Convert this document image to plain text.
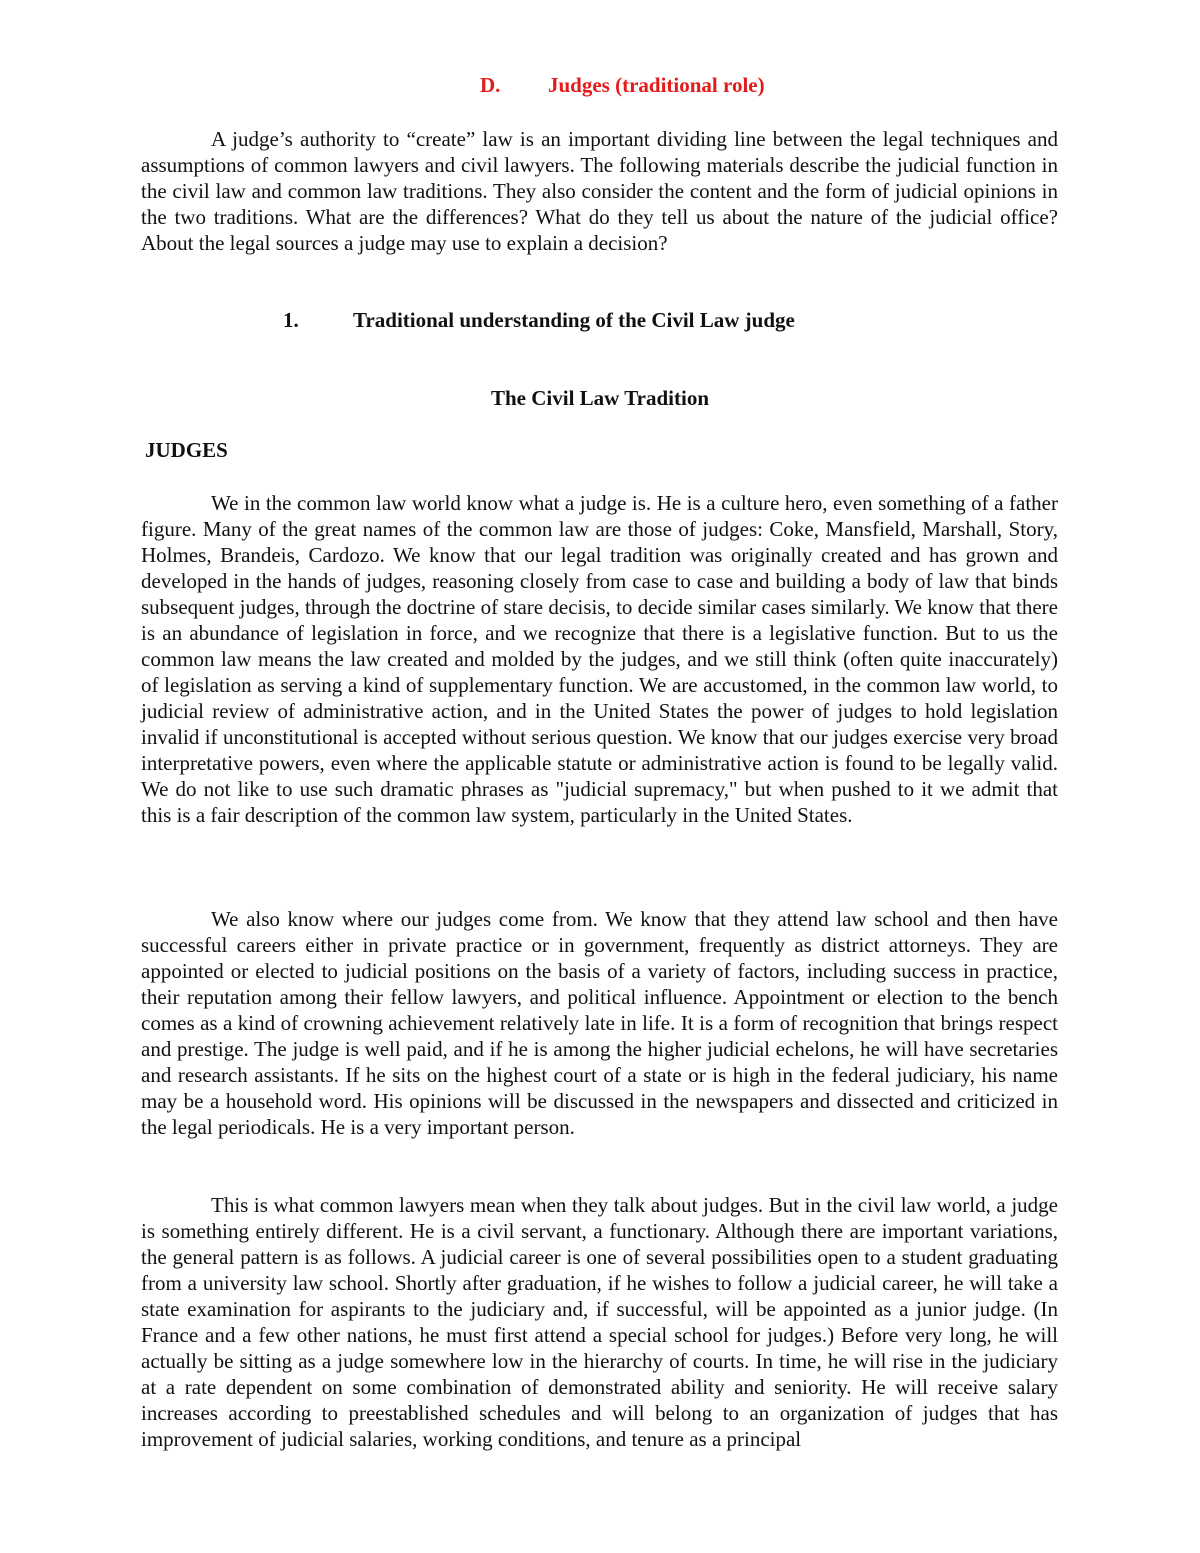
D. Judges (traditional role)

A judge’s authority to “create” law is an important dividing line between the legal techniques and assumptions of common lawyers and civil lawyers. The following materials describe the judicial function in the civil law and common law traditions. They also consider the content and the form of judicial opinions in the two traditions. What are the differences? What do they tell us about the nature of the judicial office? About the legal sources a judge may use to explain a decision?

1.	Traditional understanding of the Civil Law judge
The Civil Law Tradition
JUDGES

We in the common law world know what a judge is. He is a culture hero, even something of a father figure. Many of the great names of the common law are those of judges: Coke, Mansfield, Marshall, Story, Holmes, Brandeis, Cardozo. We know that our legal tradition was originally created and has grown and developed in the hands of judges, reasoning closely from case to case and building a body of law that binds subsequent judges, through the doctrine of stare decisis, to decide similar cases similarly. We know that there is an abundance of legislation in force, and we recognize that there is a legislative function. But to us the common law means the law created and molded by the judges, and we still think (often quite inaccurately) of legislation as serving a kind of supplementary function. We are accustomed, in the common law world, to judicial review of administrative action, and in the United States the power of judges to hold legislation invalid if unconstitutional is accepted without serious question. We know that our judges exercise very broad interpretative powers, even where the applicable statute or administrative action is found to be legally valid. We do not like to use such dramatic phrases as "judicial supremacy," but when pushed to it we admit that this is a fair description of the common law system, particularly in the United States.

We also know where our judges come from. We know that they attend law school and then have successful careers either in private practice or in government, frequently as district attorneys. They are appointed or elected to judicial positions on the basis of a variety of factors, including success in practice, their reputation among their fellow lawyers, and political influence. Appointment or election to the bench comes as a kind of crowning achievement relatively late in life. It is a form of recognition that brings respect and prestige. The judge is well paid, and if he is among the higher judicial echelons, he will have secretaries and research assistants. If he sits on the highest court of a state or is high in the federal judiciary, his name may be a household word. His opinions will be discussed in the newspapers and dissected and criticized in the legal periodicals. He is a very important person.

This is what common lawyers mean when they talk about judges. But in the civil law world, a judge is something entirely different. He is a civil servant, a functionary. Although there are important variations, the general pattern is as follows. A judicial career is one of several possibilities open to a student graduating from a university law school. Shortly after graduation, if he wishes to follow a judicial career, he will take a state examination for aspirants to the judiciary and, if successful, will be appointed as a junior judge. (In France and a few other nations, he must first attend a special school for judges.) Before very long, he will actually be sitting as a judge somewhere low in the hierarchy of courts. In time, he will rise in the judiciary at a rate dependent on some combination of demonstrated ability and seniority. He will receive salary increases according to preestablished schedules and will belong to an organization of judges that has improvement of judicial salaries, working conditions, and tenure as a principal
